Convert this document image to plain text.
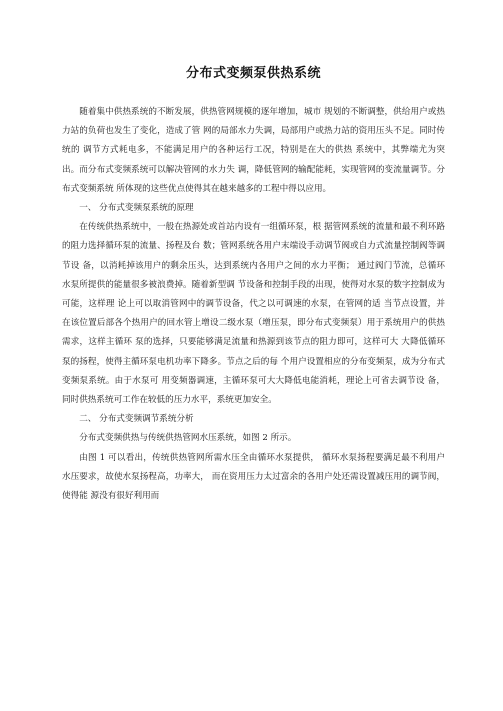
分布式变频泵供热系统

随着集中供热系统的不断发展，供热管网规模的逐年增加，城市 规划的不断调整，供给用户或热力站的负荷也发生了变化，造成了管 网的局部水力失调，局部用户或热力站的资用压头不足。同时传统的 调节方式耗电多，不能满足用户的各种运行工况，特别是在大的供热 系统中，其弊端尤为突出。而分布式变频系统可以解决管网的水力失 调，降低管网的输配能耗，实现管网的变流量调节。分布式变频系统 所体现的这些优点使得其在越来越多的工程中得以应用。

一、 分布式变频泵系统的原理

在传统供热系统中，一般在热源处或首站内设有一组循环泵，根 据管网系统的流量和最不利环路的阻力选择循环泵的流量、扬程及台 数；管网系统各用户末端设手动调节阀或自力式流量控制阀等调节设 备，以消耗掉该用户的剩余压头，达到系统内各用户之间的水力平衡； 通过阀门节流，总循环水泵所提供的能量很多被浪费掉。随着新型调 节设备和控制手段的出现，使得对水泵的数字控制成为可能，这样理 论上可以取消管网中的调节设备，代之以可调速的水泵，在管网的适 当节点设置，并在该位置后部各个热用户的回水管上增设二级水泵（增压泵，即分布式变频泵）用于系统用户的供热需求，这样主循环 泵的选择，只要能够满足流量和热源到该节点的阻力即可，这样可大 大降低循环泵的扬程，使得主循环泵电机功率下降多。节点之后的每 个用户设置相应的分布变频泵，成为分布式变频泵系统。由于水泵可 用变频器调速，主循环泵可大大降低电能消耗，理论上可省去调节设 备，同时供热系统可工作在较低的压力水平，系统更加安全。

二、 分布式变频调节系统分析

分布式变频供热与传统供热管网水压系统，如图 2 所示。

由图 1 可以看出，传统供热管网所需水压全由循环水泵提供， 循环水泵扬程要满足最不利用户水压要求，故使水泵扬程高，功率大， 而在资用压力太过富余的各用户处还需设置减压用的调节阀，使得能 源没有很好利用而
